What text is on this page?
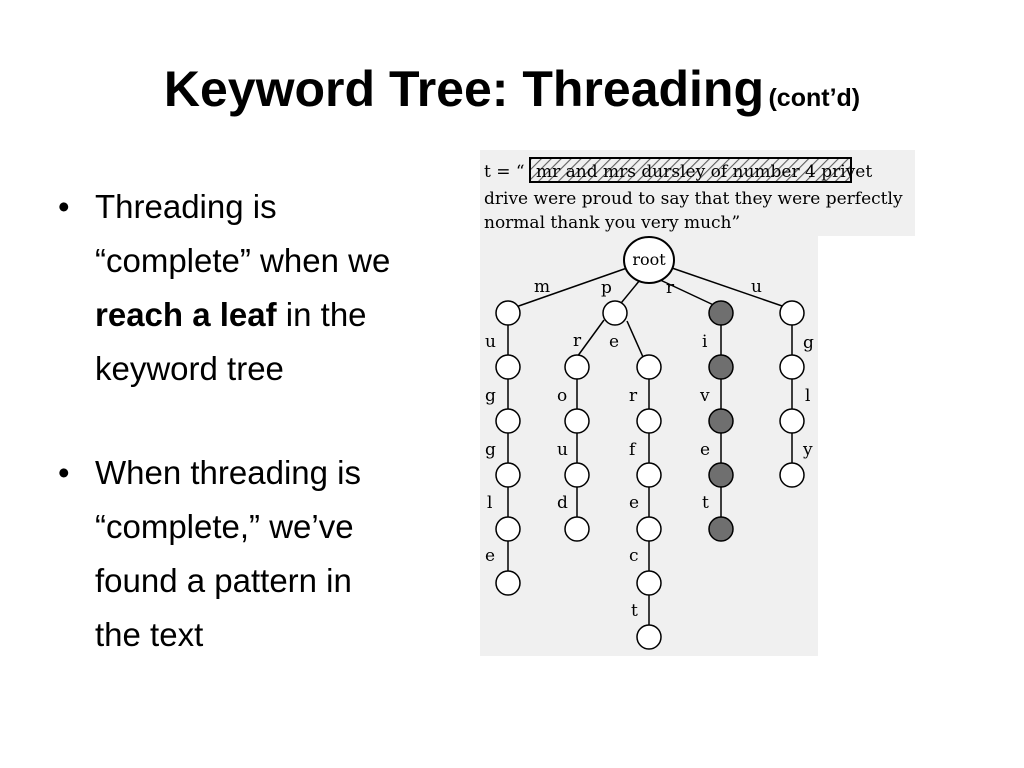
Keyword Tree: Threading (cont’d)
• Threading is
“complete” when we
reach a leaf in the
keyword tree
• When threading is
“complete,” we’ve
found a pattern in
the text
t = “ mr and mrs dursley of number 4 privet
drive were proud to say that they were perfectly
normal thank you very much”
root
m	p	r	u
u
g
g
l
e
r e
o
u
d
r
f
e
c
t
i
v
e
t
g
l
y
